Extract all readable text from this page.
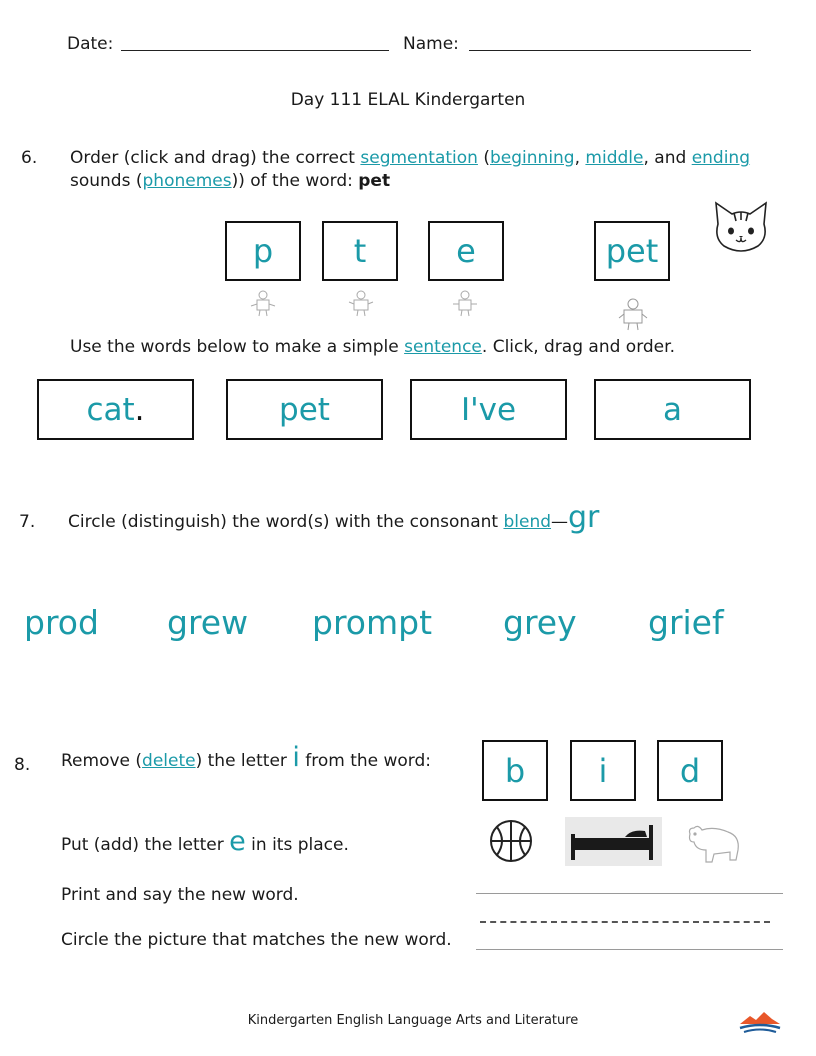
Date:	Name:
Day 111 ELAL Kindergarten
6. Order (click and drag) the correct segmentation (beginning, middle, and ending
sounds (phonemes)) of the word: pet
p	t	e	pet
Use the words below to make a simple sentence. Click, drag and order.
cat .	pet	I've	a
7. Circle (distinguish) the word(s) with the consonant blend—gr
prod grew prompt grey grief
8. Remove (delete) the letter i from the word:	b	i	d
Put (add) the letter e in its place.
Print and say the new word.
Circle the picture that matches the new word.
Kindergarten English Language Arts and Literature
